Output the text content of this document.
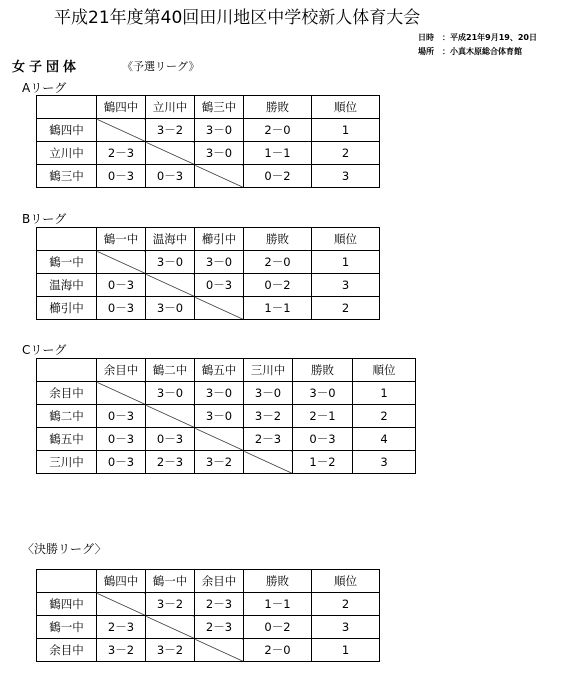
平成21年度第40回田川地区中学校新人体育大会
日時　：平成21年9月19、20日
場所　：小真木原総合体育館
女子団体	《予選リーグ》
Aリーグ
	鶴四中	立川中	鶴三中	勝敗	順位
鶴四中		3－2	3－0	2－0	1
立川中	2－3		3－0	1－1	2
鶴三中	0－3	0－3		0－2	3
Bリーグ
	鶴一中	温海中	櫛引中	勝敗	順位
鶴一中		3－0	3－0	2－0	1
温海中	0－3		0－3	0－2	3
櫛引中	0－3	3－0		1－1	2
Cリーグ
	余目中	鶴二中	鶴五中	三川中	勝敗	順位
余目中		3－0	3－0	3－0	3－0	1
鶴二中	0－3		3－0	3－2	2－1	2
鶴五中	0－3	0－3		2－3	0－3	4
三川中	0－3	2－3	3－2		1－2	3
〈決勝リーグ〉
	鶴四中	鶴一中	余目中	勝敗	順位
鶴四中		3－2	2－3	1－1	2
鶴一中	2－3		2－3	0－2	3
余目中	3－2	3－2		2－0	1
